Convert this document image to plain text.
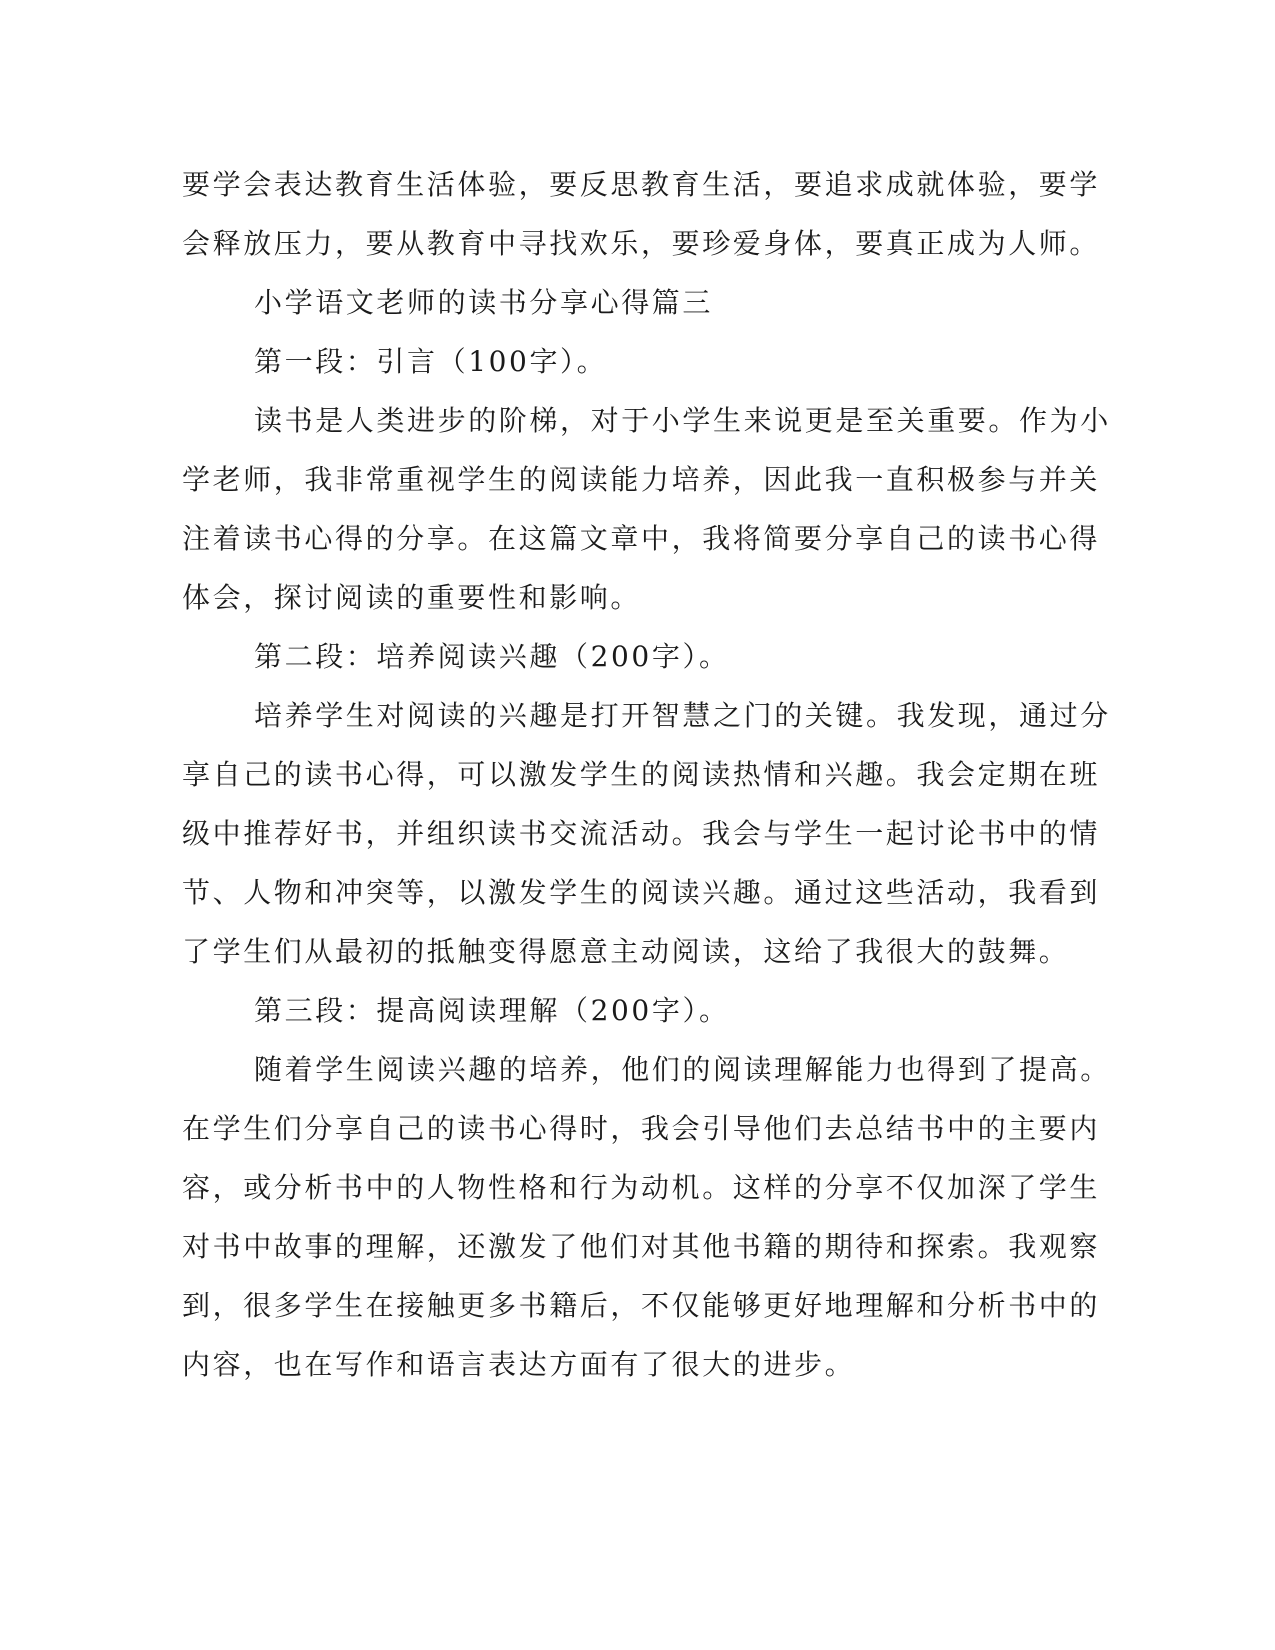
要学会表达教育生活体验，要反思教育生活，要追求成就体验，要学
会释放压力，要从教育中寻找欢乐，要珍爱身体，要真正成为人师。
小学语文老师的读书分享心得篇三
第一段：引言（100字）。
读书是人类进步的阶梯，对于小学生来说更是至关重要。作为小
学老师，我非常重视学生的阅读能力培养，因此我一直积极参与并关
注着读书心得的分享。在这篇文章中，我将简要分享自己的读书心得
体会，探讨阅读的重要性和影响。
第二段：培养阅读兴趣（200字）。
培养学生对阅读的兴趣是打开智慧之门的关键。我发现，通过分
享自己的读书心得，可以激发学生的阅读热情和兴趣。我会定期在班
级中推荐好书，并组织读书交流活动。我会与学生一起讨论书中的情
节、人物和冲突等，以激发学生的阅读兴趣。通过这些活动，我看到
了学生们从最初的抵触变得愿意主动阅读，这给了我很大的鼓舞。
第三段：提高阅读理解（200字）。
随着学生阅读兴趣的培养，他们的阅读理解能力也得到了提高。
在学生们分享自己的读书心得时，我会引导他们去总结书中的主要内
容，或分析书中的人物性格和行为动机。这样的分享不仅加深了学生
对书中故事的理解，还激发了他们对其他书籍的期待和探索。我观察
到，很多学生在接触更多书籍后，不仅能够更好地理解和分析书中的
内容，也在写作和语言表达方面有了很大的进步。
